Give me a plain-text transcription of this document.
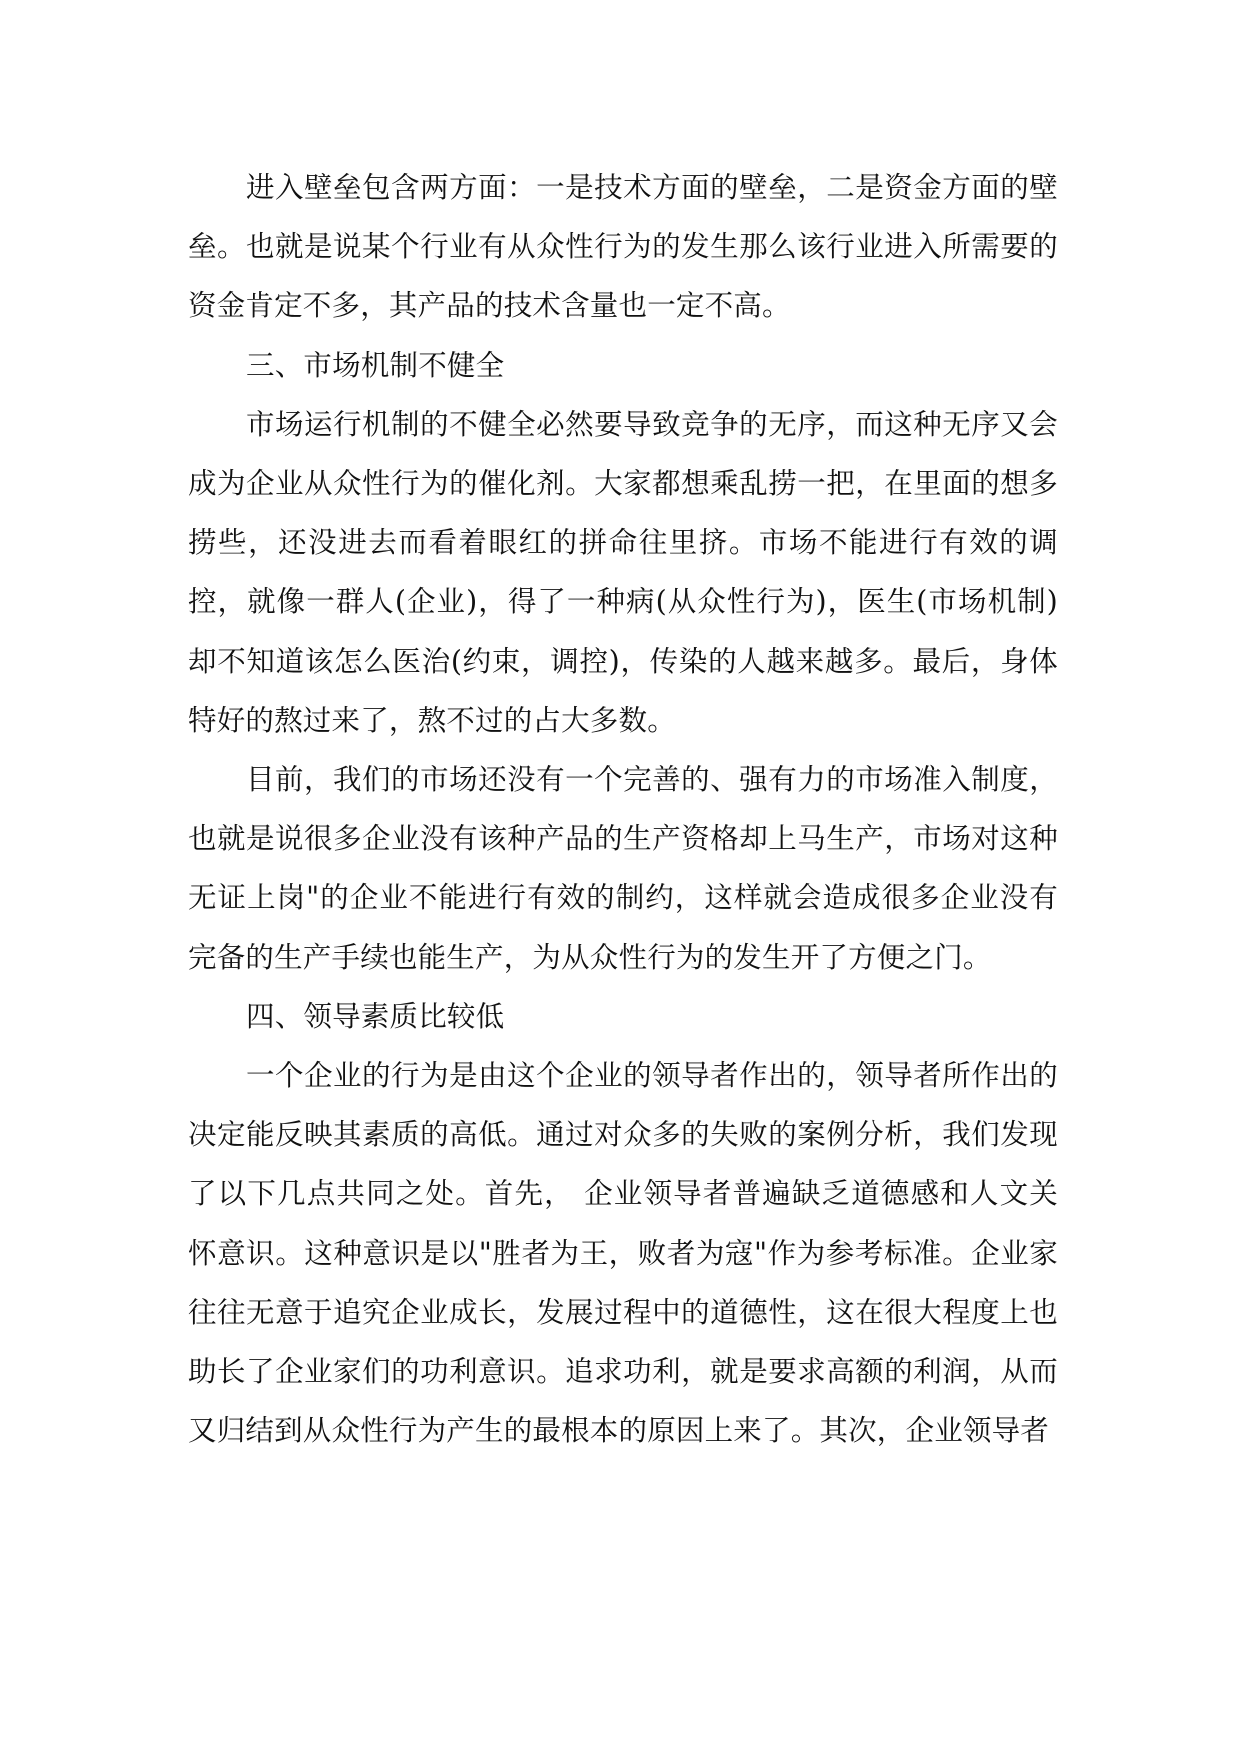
进入壁垒包含两方面：一是技术方面的壁垒，二是资金方面的壁垒。也就是说某个行业有从众性行为的发生那么该行业进入所需要的资金肯定不多，其产品的技术含量也一定不高。

三、市场机制不健全

市场运行机制的不健全必然要导致竞争的无序，而这种无序又会成为企业从众性行为的催化剂。大家都想乘乱捞一把，在里面的想多捞些，还没进去而看着眼红的拼命往里挤。市场不能进行有效的调控，就像一群人(企业)，得了一种病(从众性行为)，医生(市场机制)却不知道该怎么医治(约束，调控)，传染的人越来越多。最后，身体特好的熬过来了，熬不过的占大多数。

目前，我们的市场还没有一个完善的、强有力的市场准入制度，也就是说很多企业没有该种产品的生产资格却上马生产，市场对这种无证上岗"的企业不能进行有效的制约，这样就会造成很多企业没有完备的生产手续也能生产，为从众性行为的发生开了方便之门。

四、领导素质比较低

一个企业的行为是由这个企业的领导者作出的，领导者所作出的决定能反映其素质的高低。通过对众多的失败的案例分析，我们发现了以下几点共同之处。首先， 企业领导者普遍缺乏道德感和人文关怀意识。这种意识是以"胜者为王，败者为寇"作为参考标准。企业家往往无意于追究企业成长，发展过程中的道德性，这在很大程度上也助长了企业家们的功利意识。追求功利，就是要求高额的利润，从而又归结到从众性行为产生的最根本的原因上来了。其次，企业领导者
